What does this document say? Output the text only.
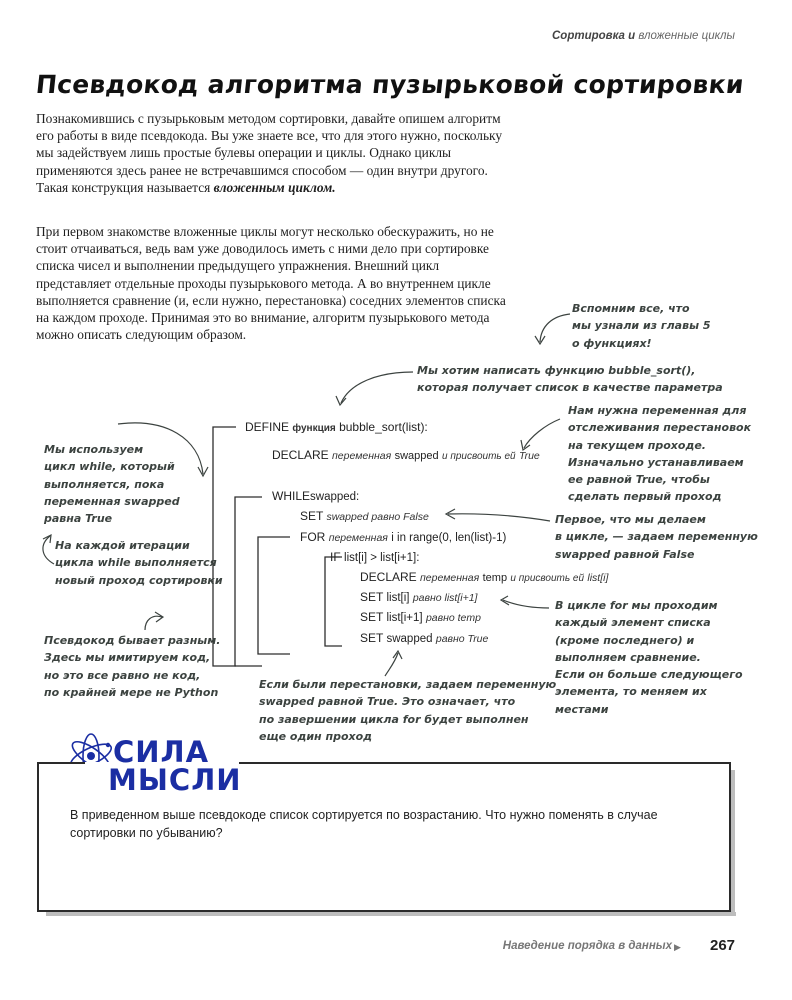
Сортировка и вложенные циклы
Псевдокод алгоритма пузырьковой сортировки
Познакомившись с пузырьковым методом сортировки, давайте опишем алгоритм его работы в виде псевдокода. Вы уже знаете все, что для этого нужно, поскольку мы задействуем лишь простые булевы операции и циклы. Однако циклы применяются здесь ранее не встречавшимся способом — один внутри другого. Такая конструкция называется вложенным циклом.
При первом знакомстве вложенные циклы могут несколько обескуражить, но не стоит отчаиваться, ведь вам уже доводилось иметь с ними дело при сортировке списка чисел и выполнении предыдущего упражнения. Внешний цикл представляет отдельные проходы пузырькового метода. А во внутреннем цикле выполняется сравнение (и, если нужно, перестановка) соседних элементов списка на каждом проходе. Принимая это во внимание, алгоритм пузырькового метода можно описать следующим образом.
Вспомним все, что
мы узнали из главы 5
о функциях!
Мы хотим написать функцию bubble_sort(),
которая получает список в качестве параметра
Нам нужна переменная для
отслеживания перестановок
на текущем проходе.
Изначально устанавливаем
ее равной True, чтобы
сделать первый проход
Мы используем
цикл while, который
выполняется, пока
переменная swapped
равна True
На каждой итерации
цикла while выполняется
новый проход сортировки
Первое, что мы делаем
в цикле, — задаем переменную
swapped равной False
В цикле for мы проходим
каждый элемент списка
(кроме последнего) и
выполняем сравнение.
Если он больше следующего
элемента, то меняем их
местами
Псевдокод бывает разным.
Здесь мы имитируем код,
но это все равно не код,
по крайней мере не Python
Если были перестановки, задаем переменную
swapped равной True. Это означает, что
по завершении цикла for будет выполнен
еще один проход
DEFINE функция bubble_sort(list):
DECLARE переменная swapped и присвоить ей True
WHILEswapped:
SET swapped равно False
FOR переменная i in range(0, len(list)-1)
IF list[i] > list[i+1]:
DECLARE переменная temp и присвоить ей list[i]
SET list[i] равно list[i+1]
SET list[i+1] равно temp
SET swapped равно True
СИЛА
МЫСЛИ
В приведенном выше псевдокоде список сортируется по возрастанию. Что нужно поменять в случае сортировки по убыванию?
Наведение порядка в данных ▶ 267
